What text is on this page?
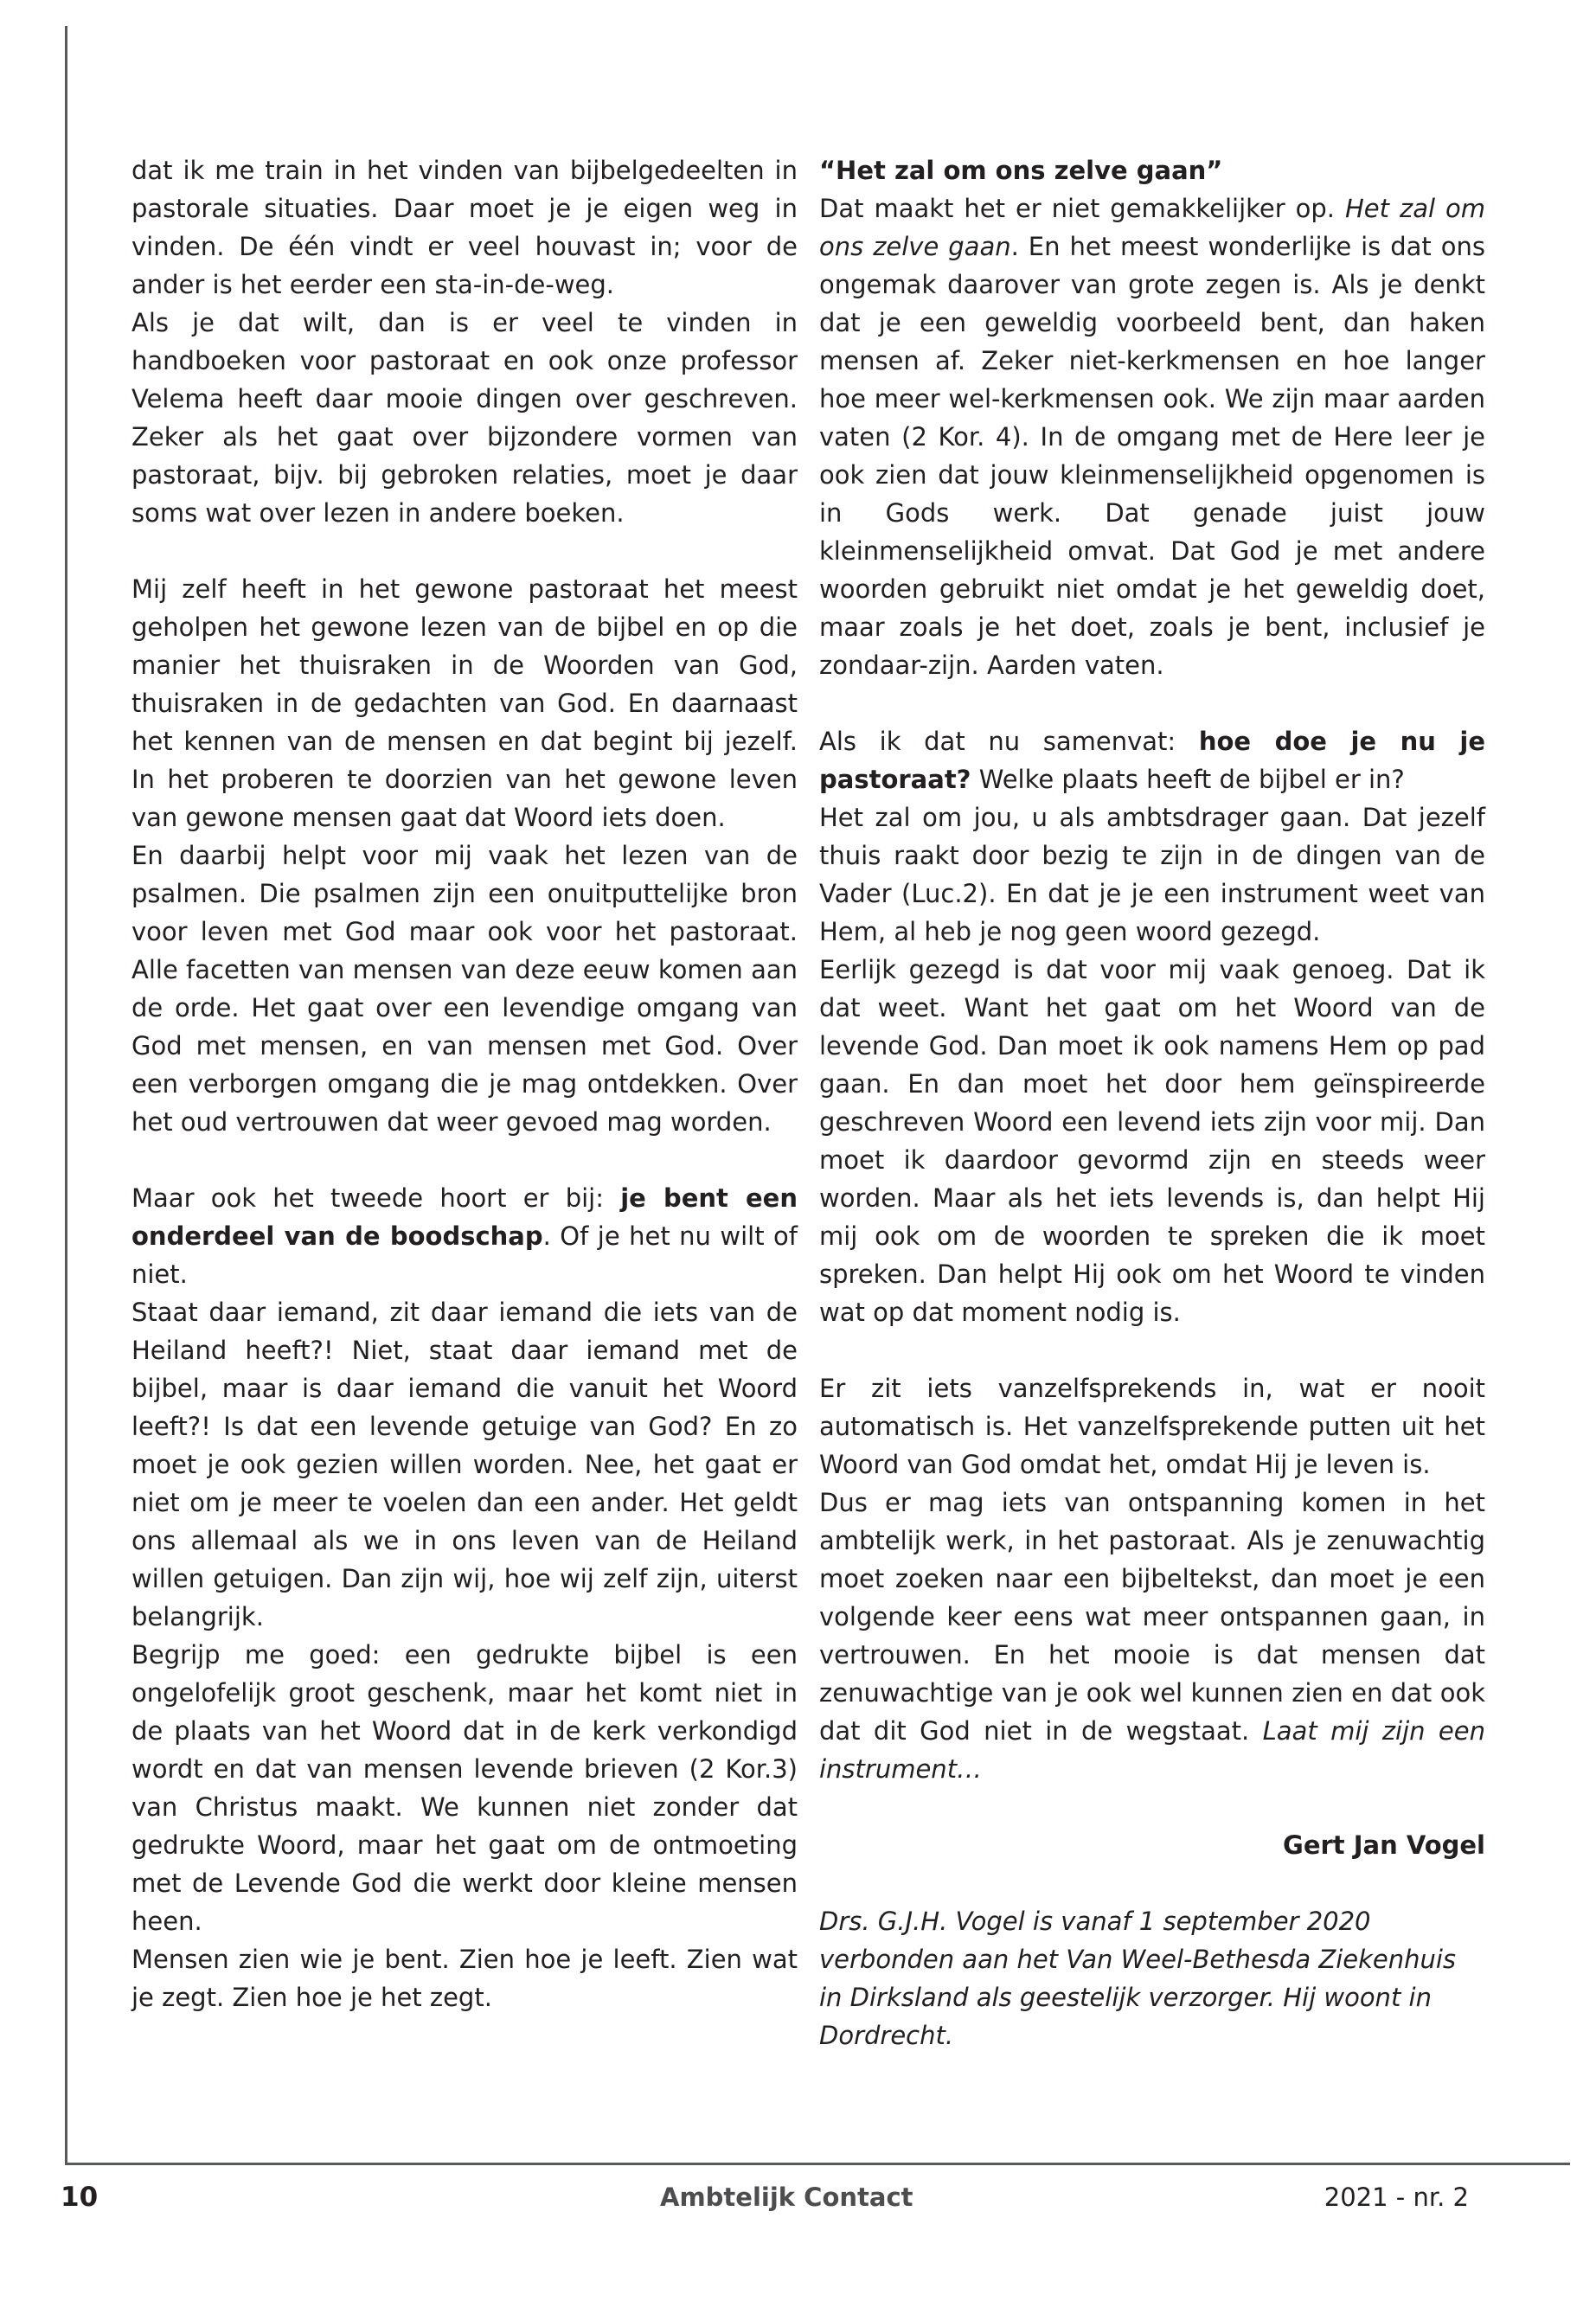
dat ik me train in het vinden van bijbelgedeelten in pastorale situaties. Daar moet je je eigen weg in vinden. De één vindt er veel houvast in; voor de ander is het eerder een sta-in-de-weg.

Als je dat wilt, dan is er veel te vinden in handboeken voor pastoraat en ook onze professor Velema heeft daar mooie dingen over geschreven. Zeker als het gaat over bijzondere vormen van pastoraat, bijv. bij gebroken relaties, moet je daar soms wat over lezen in andere boeken.

Mij zelf heeft in het gewone pastoraat het meest geholpen het gewone lezen van de bijbel en op die manier het thuisraken in de Woorden van God, thuisraken in de gedachten van God. En daarnaast het kennen van de mensen en dat begint bij jezelf. In het proberen te doorzien van het gewone leven van gewone mensen gaat dat Woord iets doen.

En daarbij helpt voor mij vaak het lezen van de psalmen. Die psalmen zijn een onuitputtelijke bron voor leven met God maar ook voor het pastoraat. Alle facetten van mensen van deze eeuw komen aan de orde. Het gaat over een levendige omgang van God met mensen, en van mensen met God. Over een verborgen omgang die je mag ontdekken. Over het oud vertrouwen dat weer gevoed mag worden.

Maar ook het tweede hoort er bij: je bent een onderdeel van de boodschap. Of je het nu wilt of niet.

Staat daar iemand, zit daar iemand die iets van de Heiland heeft?! Niet, staat daar iemand met de bijbel, maar is daar iemand die vanuit het Woord leeft?! Is dat een levende getuige van God? En zo moet je ook gezien willen worden. Nee, het gaat er niet om je meer te voelen dan een ander. Het geldt ons allemaal als we in ons leven van de Heiland willen getuigen. Dan zijn wij, hoe wij zelf zijn, uiterst belangrijk.

Begrijp me goed: een gedrukte bijbel is een ongelofelijk groot geschenk, maar het komt niet in de plaats van het Woord dat in de kerk verkondigd wordt en dat van mensen levende brieven (2 Kor.3) van Christus maakt. We kunnen niet zonder dat gedrukte Woord, maar het gaat om de ontmoeting met de Levende God die werkt door kleine mensen heen.

Mensen zien wie je bent. Zien hoe je leeft. Zien wat je zegt. Zien hoe je het zegt.

“Het zal om ons zelve gaan”

Dat maakt het er niet gemakkelijker op. Het zal om ons zelve gaan. En het meest wonderlijke is dat ons ongemak daarover van grote zegen is. Als je denkt dat je een geweldig voorbeeld bent, dan haken mensen af. Zeker niet-kerkmensen en hoe langer hoe meer wel-kerkmensen ook. We zijn maar aarden vaten (2 Kor. 4). In de omgang met de Here leer je ook zien dat jouw kleinmenselijkheid opgenomen is in Gods werk. Dat genade juist jouw kleinmenselijkheid omvat. Dat God je met andere woorden gebruikt niet omdat je het geweldig doet, maar zoals je het doet, zoals je bent, inclusief je zondaar-zijn. Aarden vaten.

Als ik dat nu samenvat: hoe doe je nu je pastoraat? Welke plaats heeft de bijbel er in?

Het zal om jou, u als ambtsdrager gaan. Dat jezelf thuis raakt door bezig te zijn in de dingen van de Vader (Luc.2). En dat je je een instrument weet van Hem, al heb je nog geen woord gezegd.

Eerlijk gezegd is dat voor mij vaak genoeg. Dat ik dat weet. Want het gaat om het Woord van de levende God. Dan moet ik ook namens Hem op pad gaan. En dan moet het door hem geïnspireerde geschreven Woord een levend iets zijn voor mij. Dan moet ik daardoor gevormd zijn en steeds weer worden. Maar als het iets levends is, dan helpt Hij mij ook om de woorden te spreken die ik moet spreken. Dan helpt Hij ook om het Woord te vinden wat op dat moment nodig is.

Er zit iets vanzelfsprekends in, wat er nooit automatisch is. Het vanzelfsprekende putten uit het Woord van God omdat het, omdat Hij je leven is.

Dus er mag iets van ontspanning komen in het ambtelijk werk, in het pastoraat. Als je zenuwachtig moet zoeken naar een bijbeltekst, dan moet je een volgende keer eens wat meer ontspannen gaan, in vertrouwen. En het mooie is dat mensen dat zenuwachtige van je ook wel kunnen zien en dat ook dat dit God niet in de wegstaat. Laat mij zijn een instrument…

Gert Jan Vogel

Drs. G.J.H. Vogel is vanaf 1 september 2020 verbonden aan het Van Weel-Bethesda Ziekenhuis in Dirksland als geestelijk verzorger. Hij woont in Dordrecht.

10	Ambtelijk Contact	2021 - nr. 2
